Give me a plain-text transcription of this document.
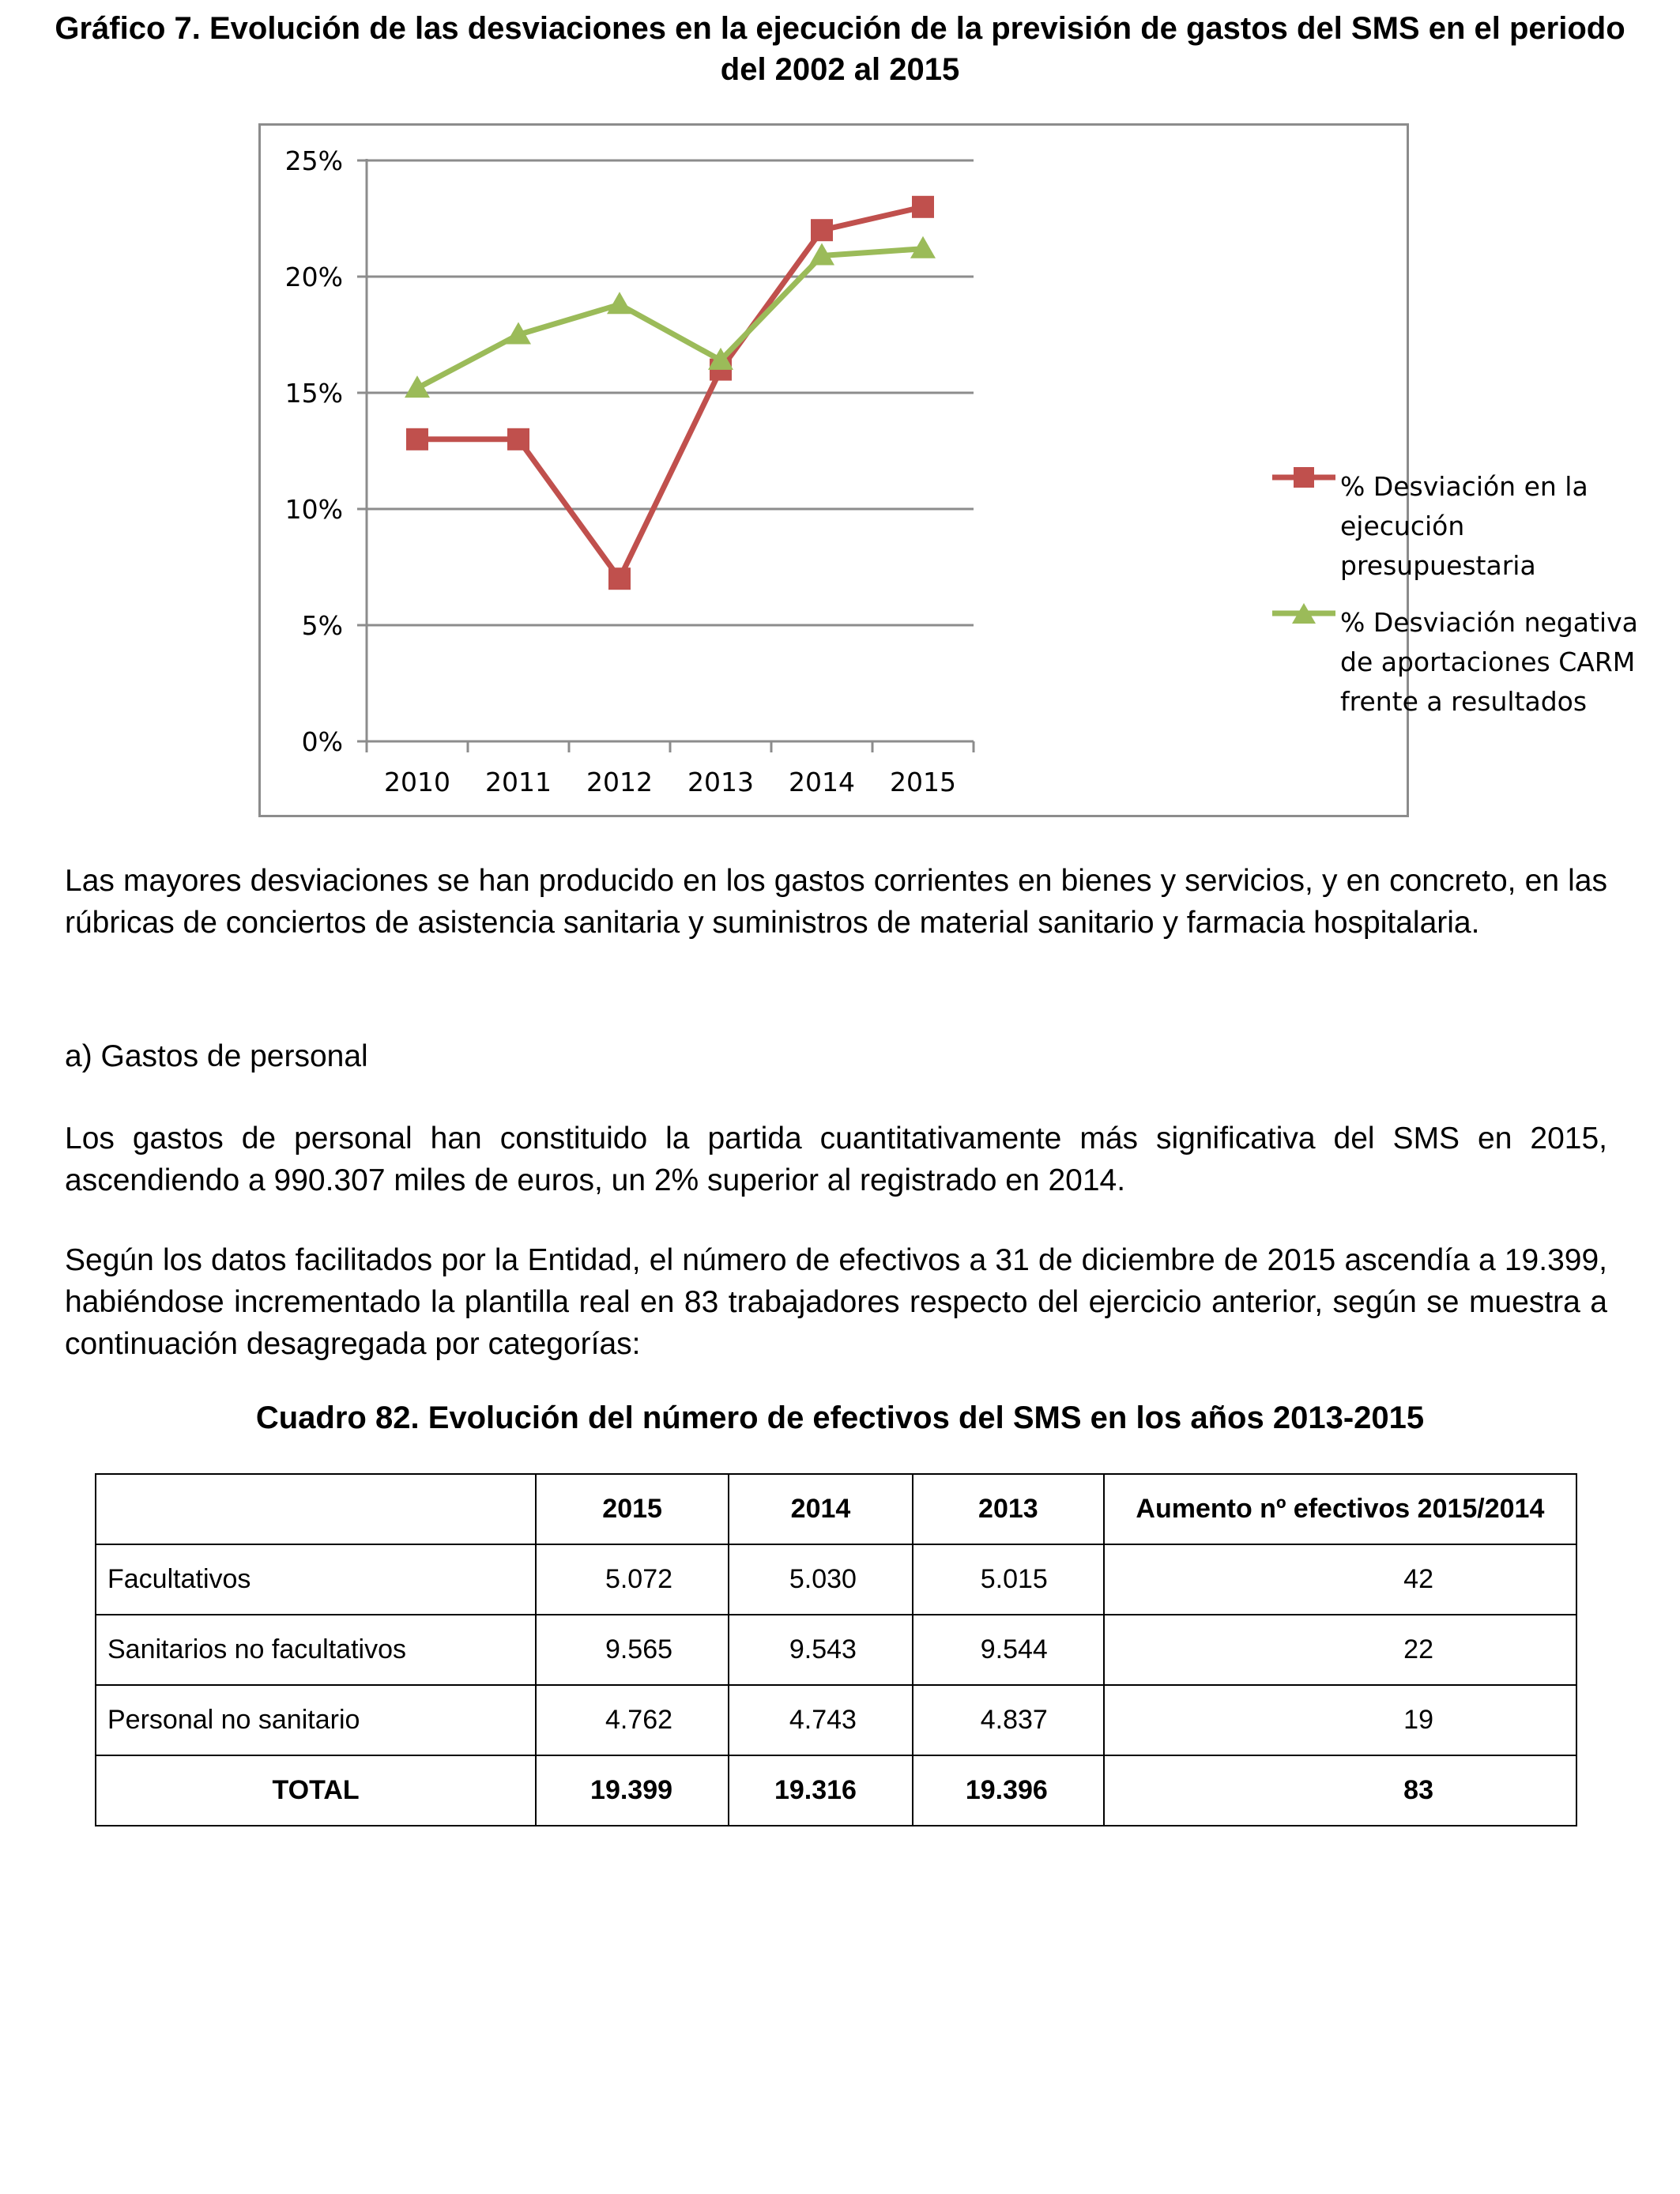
Gráfico 7. Evolución de las desviaciones en la ejecución de la previsión de gastos del SMS en el periodo del 2002 al 2015
0%
5%
10%
15%
20%
25%
2010 2011 2012 2013 2014 2015
% Desviación en la ejecución presupuestaria
% Desviación negativa de aportaciones CARM frente a resultados
Las mayores desviaciones se han producido en los gastos corrientes en bienes y servicios, y en concreto, en las rúbricas de conciertos de asistencia sanitaria y suministros de material sanitario y farmacia hospitalaria.
a) Gastos de personal
Los gastos de personal han constituido la partida cuantitativamente más significativa del SMS en 2015, ascendiendo a 990.307 miles de euros, un 2% superior al registrado en 2014.
Según los datos facilitados por la Entidad, el número de efectivos a 31 de diciembre de 2015 ascendía a 19.399, habiéndose incrementado la plantilla real en 83 trabajadores respecto del ejercicio anterior, según se muestra a continuación desagregada por categorías:
Cuadro 82. Evolución del número de efectivos del SMS en los años 2013-2015
	2015	2014	2013	Aumento nº efectivos 2015/2014
Facultativos	5.072	5.030	5.015	42
Sanitarios no facultativos	9.565	9.543	9.544	22
Personal no sanitario	4.762	4.743	4.837	19
TOTAL	19.399	19.316	19.396	83
